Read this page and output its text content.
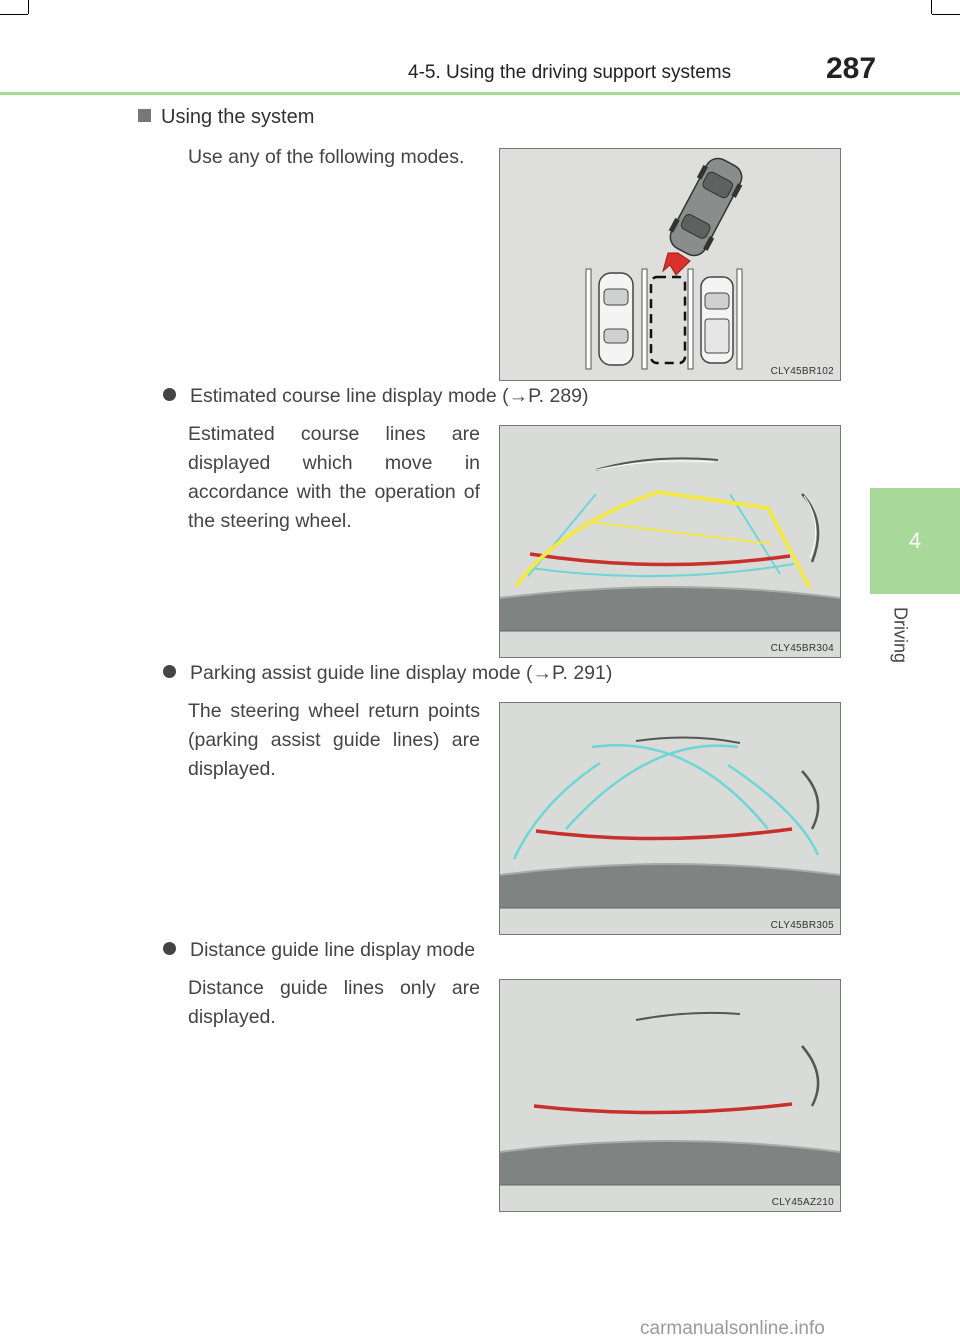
4-5. Using the driving support systems	287
4
Driving
Using the system
Use any of the following modes.
CLY45BR102
Estimated course line display mode (→P. 289)
Estimated course lines are displayed which move in accordance with the operation of the steering wheel.
CLY45BR304
Parking assist guide line display mode (→P. 291)
The steering wheel return points (parking assist guide lines) are displayed.
CLY45BR305
Distance guide line display mode
Distance guide lines only are displayed.
CLY45AZ210
carmanualsonline.info
